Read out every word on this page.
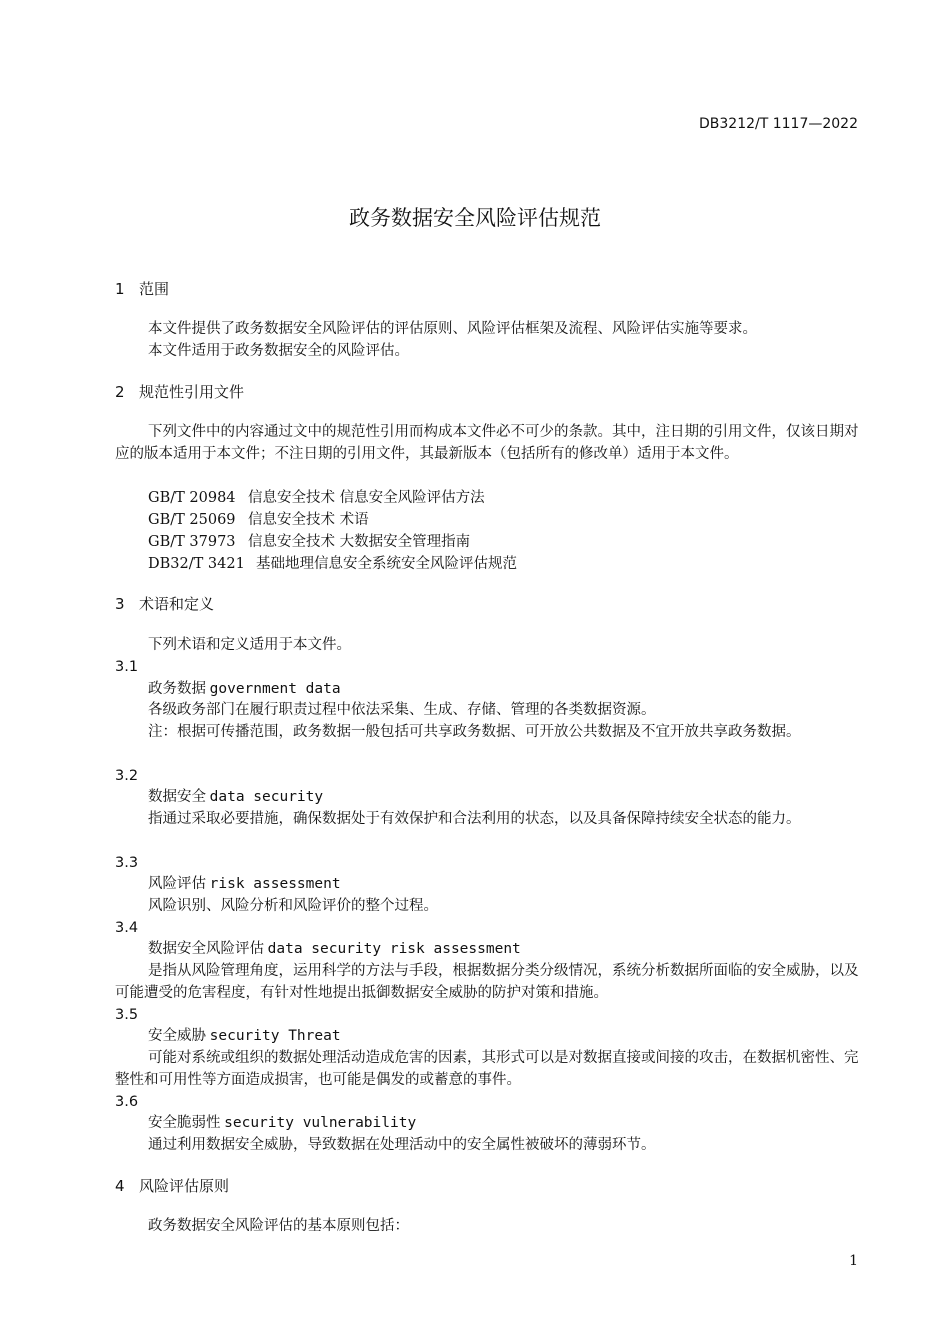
DB3212/T 1117—2022
政务数据安全风险评估规范
1 范围
本文件提供了政务数据安全风险评估的评估原则、风险评估框架及流程、风险评估实施等要求。
本文件适用于政务数据安全的风险评估。
2 规范性引用文件
下列文件中的内容通过文中的规范性引用而构成本文件必不可少的条款。其中，注日期的引用文件，仅该日期对应的版本适用于本文件；不注日期的引用文件，其最新版本（包括所有的修改单）适用于本文件。
GB/T 20984 信息安全技术 信息安全风险评估方法
GB/T 25069 信息安全技术 术语
GB/T 37973 信息安全技术 大数据安全管理指南
DB32/T 3421 基础地理信息安全系统安全风险评估规范
3 术语和定义
下列术语和定义适用于本文件。
3.1
政务数据 government data
各级政务部门在履行职责过程中依法采集、生成、存储、管理的各类数据资源。
注：根据可传播范围，政务数据一般包括可共享政务数据、可开放公共数据及不宜开放共享政务数据。
3.2
数据安全 data security
指通过采取必要措施，确保数据处于有效保护和合法利用的状态，以及具备保障持续安全状态的能力。
3.3
风险评估 risk assessment
风险识别、风险分析和风险评价的整个过程。
3.4
数据安全风险评估 data security risk assessment
是指从风险管理角度，运用科学的方法与手段，根据数据分类分级情况，系统分析数据所面临的安全威胁，以及可能遭受的危害程度，有针对性地提出抵御数据安全威胁的防护对策和措施。
3.5
安全威胁 security Threat
可能对系统或组织的数据处理活动造成危害的因素，其形式可以是对数据直接或间接的攻击，在数据机密性、完整性和可用性等方面造成损害，也可能是偶发的或蓄意的事件。
3.6
安全脆弱性 security vulnerability
通过利用数据安全威胁，导致数据在处理活动中的安全属性被破坏的薄弱环节。
4 风险评估原则
政务数据安全风险评估的基本原则包括：
1
